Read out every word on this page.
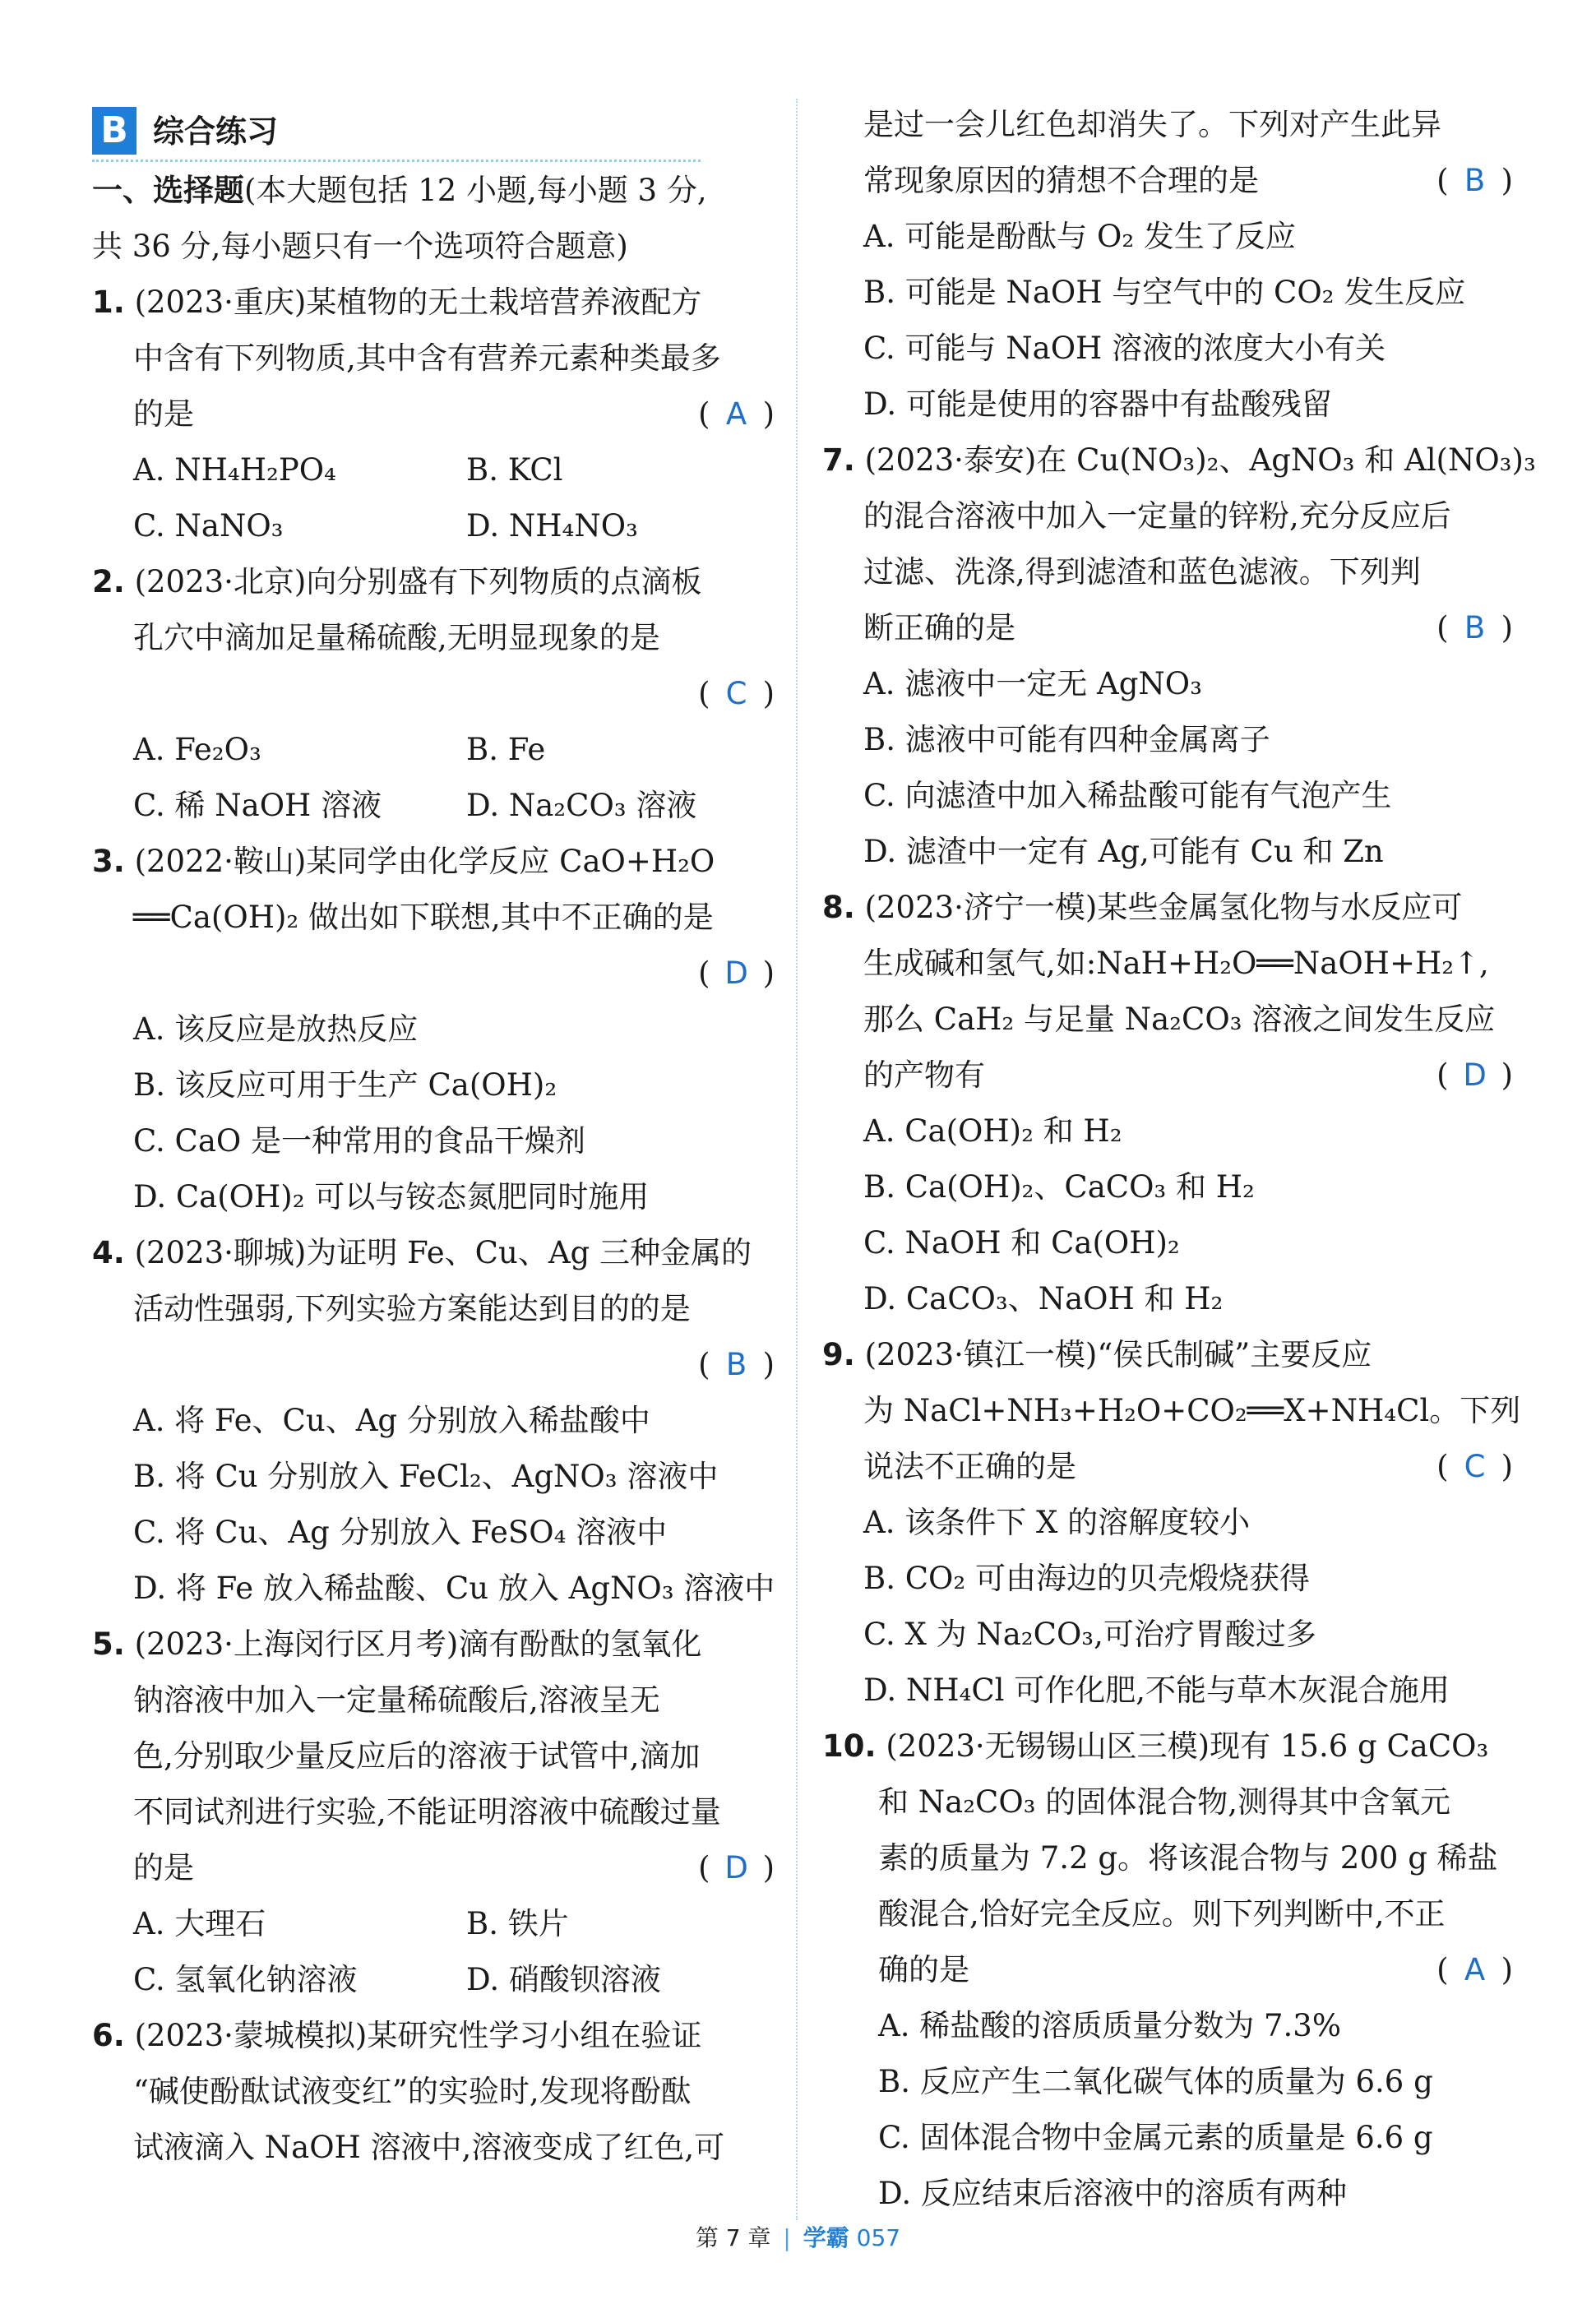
B 综合练习
一、选择题(本大题包括 12 小题,每小题 3 分,
共 36 分,每小题只有一个选项符合题意)
1. (2023·重庆)某植物的无土栽培营养液配方
中含有下列物质,其中含有营养元素种类最多
的是	( A )
A. NH₄H₂PO₄	B. KCl
C. NaNO₃	D. NH₄NO₃
2. (2023·北京)向分别盛有下列物质的点滴板
孔穴中滴加足量稀硫酸,无明显现象的是

( C )
A. Fe₂O₃	B. Fe
C. 稀 NaOH 溶液	D. Na₂CO₃ 溶液
3. (2022·鞍山)某同学由化学反应 CaO+H₂O
══Ca(OH)₂ 做出如下联想,其中不正确的是

( D )
A. 该反应是放热反应
B. 该反应可用于生产 Ca(OH)₂
C. CaO 是一种常用的食品干燥剂
D. Ca(OH)₂ 可以与铵态氮肥同时施用
4. (2023·聊城)为证明 Fe、Cu、Ag 三种金属的
活动性强弱,下列实验方案能达到目的的是

( B )
A. 将 Fe、Cu、Ag 分别放入稀盐酸中
B. 将 Cu 分别放入 FeCl₂、AgNO₃ 溶液中
C. 将 Cu、Ag 分别放入 FeSO₄ 溶液中
D. 将 Fe 放入稀盐酸、Cu 放入 AgNO₃ 溶液中
5. (2023·上海闵行区月考)滴有酚酞的氢氧化
钠溶液中加入一定量稀硫酸后,溶液呈无
色,分别取少量反应后的溶液于试管中,滴加
不同试剂进行实验,不能证明溶液中硫酸过量
的是	( D )
A. 大理石	B. 铁片
C. 氢氧化钠溶液	D. 硝酸钡溶液
6. (2023·蒙城模拟)某研究性学习小组在验证
“碱使酚酞试液变红”的实验时,发现将酚酞
试液滴入 NaOH 溶液中,溶液变成了红色,可
是过一会儿红色却消失了。下列对产生此异
常现象原因的猜想不合理的是	( B )
A. 可能是酚酞与 O₂ 发生了反应
B. 可能是 NaOH 与空气中的 CO₂ 发生反应
C. 可能与 NaOH 溶液的浓度大小有关
D. 可能是使用的容器中有盐酸残留
7. (2023·泰安)在 Cu(NO₃)₂、AgNO₃ 和 Al(NO₃)₃
的混合溶液中加入一定量的锌粉,充分反应后
过滤、洗涤,得到滤渣和蓝色滤液。下列判
断正确的是	( B )
A. 滤液中一定无 AgNO₃
B. 滤液中可能有四种金属离子
C. 向滤渣中加入稀盐酸可能有气泡产生
D. 滤渣中一定有 Ag,可能有 Cu 和 Zn
8. (2023·济宁一模)某些金属氢化物与水反应可
生成碱和氢气,如:NaH+H₂O══NaOH+H₂↑,
那么 CaH₂ 与足量 Na₂CO₃ 溶液之间发生反应
的产物有	( D )
A. Ca(OH)₂ 和 H₂
B. Ca(OH)₂、CaCO₃ 和 H₂
C. NaOH 和 Ca(OH)₂
D. CaCO₃、NaOH 和 H₂
9. (2023·镇江一模)“侯氏制碱”主要反应
为 NaCl+NH₃+H₂O+CO₂══X+NH₄Cl。下列
说法不正确的是	( C )
A. 该条件下 X 的溶解度较小
B. CO₂ 可由海边的贝壳煅烧获得
C. X 为 Na₂CO₃,可治疗胃酸过多
D. NH₄Cl 可作化肥,不能与草木灰混合施用
10. (2023·无锡锡山区三模)现有 15.6 g CaCO₃
和 Na₂CO₃ 的固体混合物,测得其中含氧元
素的质量为 7.2 g。将该混合物与 200 g 稀盐
酸混合,恰好完全反应。则下列判断中,不正
确的是	( A )
A. 稀盐酸的溶质质量分数为 7.3%
B. 反应产生二氧化碳气体的质量为 6.6 g
C. 固体混合物中金属元素的质量是 6.6 g
D. 反应结束后溶液中的溶质有两种
第 7 章 | 学霸 057
